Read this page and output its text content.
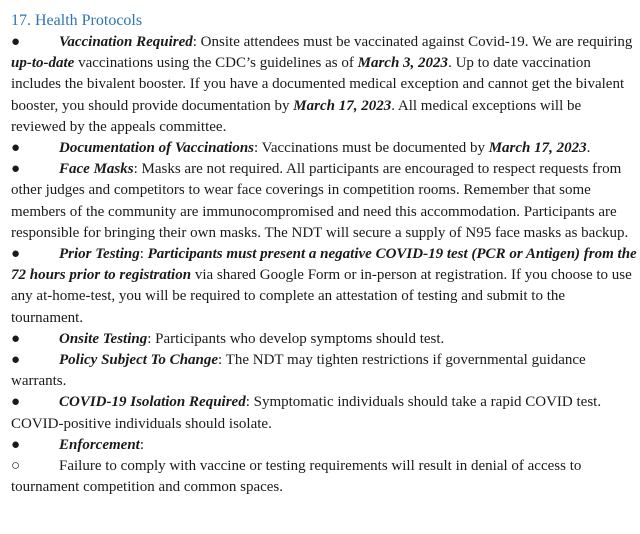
17. Health Protocols

●	Vaccination Required: Onsite attendees must be vaccinated against Covid-19. We are requiring up-to-date vaccinations using the CDC’s guidelines as of March 3, 2023. Up to date vaccination includes the bivalent booster. If you have a documented medical exception and cannot get the bivalent booster, you should provide documentation by March 17, 2023. All medical exceptions will be reviewed by the appeals committee.

●	Documentation of Vaccinations: Vaccinations must be documented by March 17, 2023.

●	Face Masks: Masks are not required. All participants are encouraged to respect requests from other judges and competitors to wear face coverings in competition rooms. Remember that some members of the community are immunocompromised and need this accommodation. Participants are responsible for bringing their own masks. The NDT will secure a supply of N95 face masks as backup.

●	Prior Testing: Participants must present a negative COVID-19 test (PCR or Antigen) from the 72 hours prior to registration via shared Google Form or in-person at registration. If you choose to use any at-home-test, you will be required to complete an attestation of testing and submit to the tournament.

●	Onsite Testing: Participants who develop symptoms should test.

●	Policy Subject To Change: The NDT may tighten restrictions if governmental guidance warrants.

●	COVID-19 Isolation Required: Symptomatic individuals should take a rapid COVID test. COVID-positive individuals should isolate.

●	Enforcement:

○	Failure to comply with vaccine or testing requirements will result in denial of access to tournament competition and common spaces.
